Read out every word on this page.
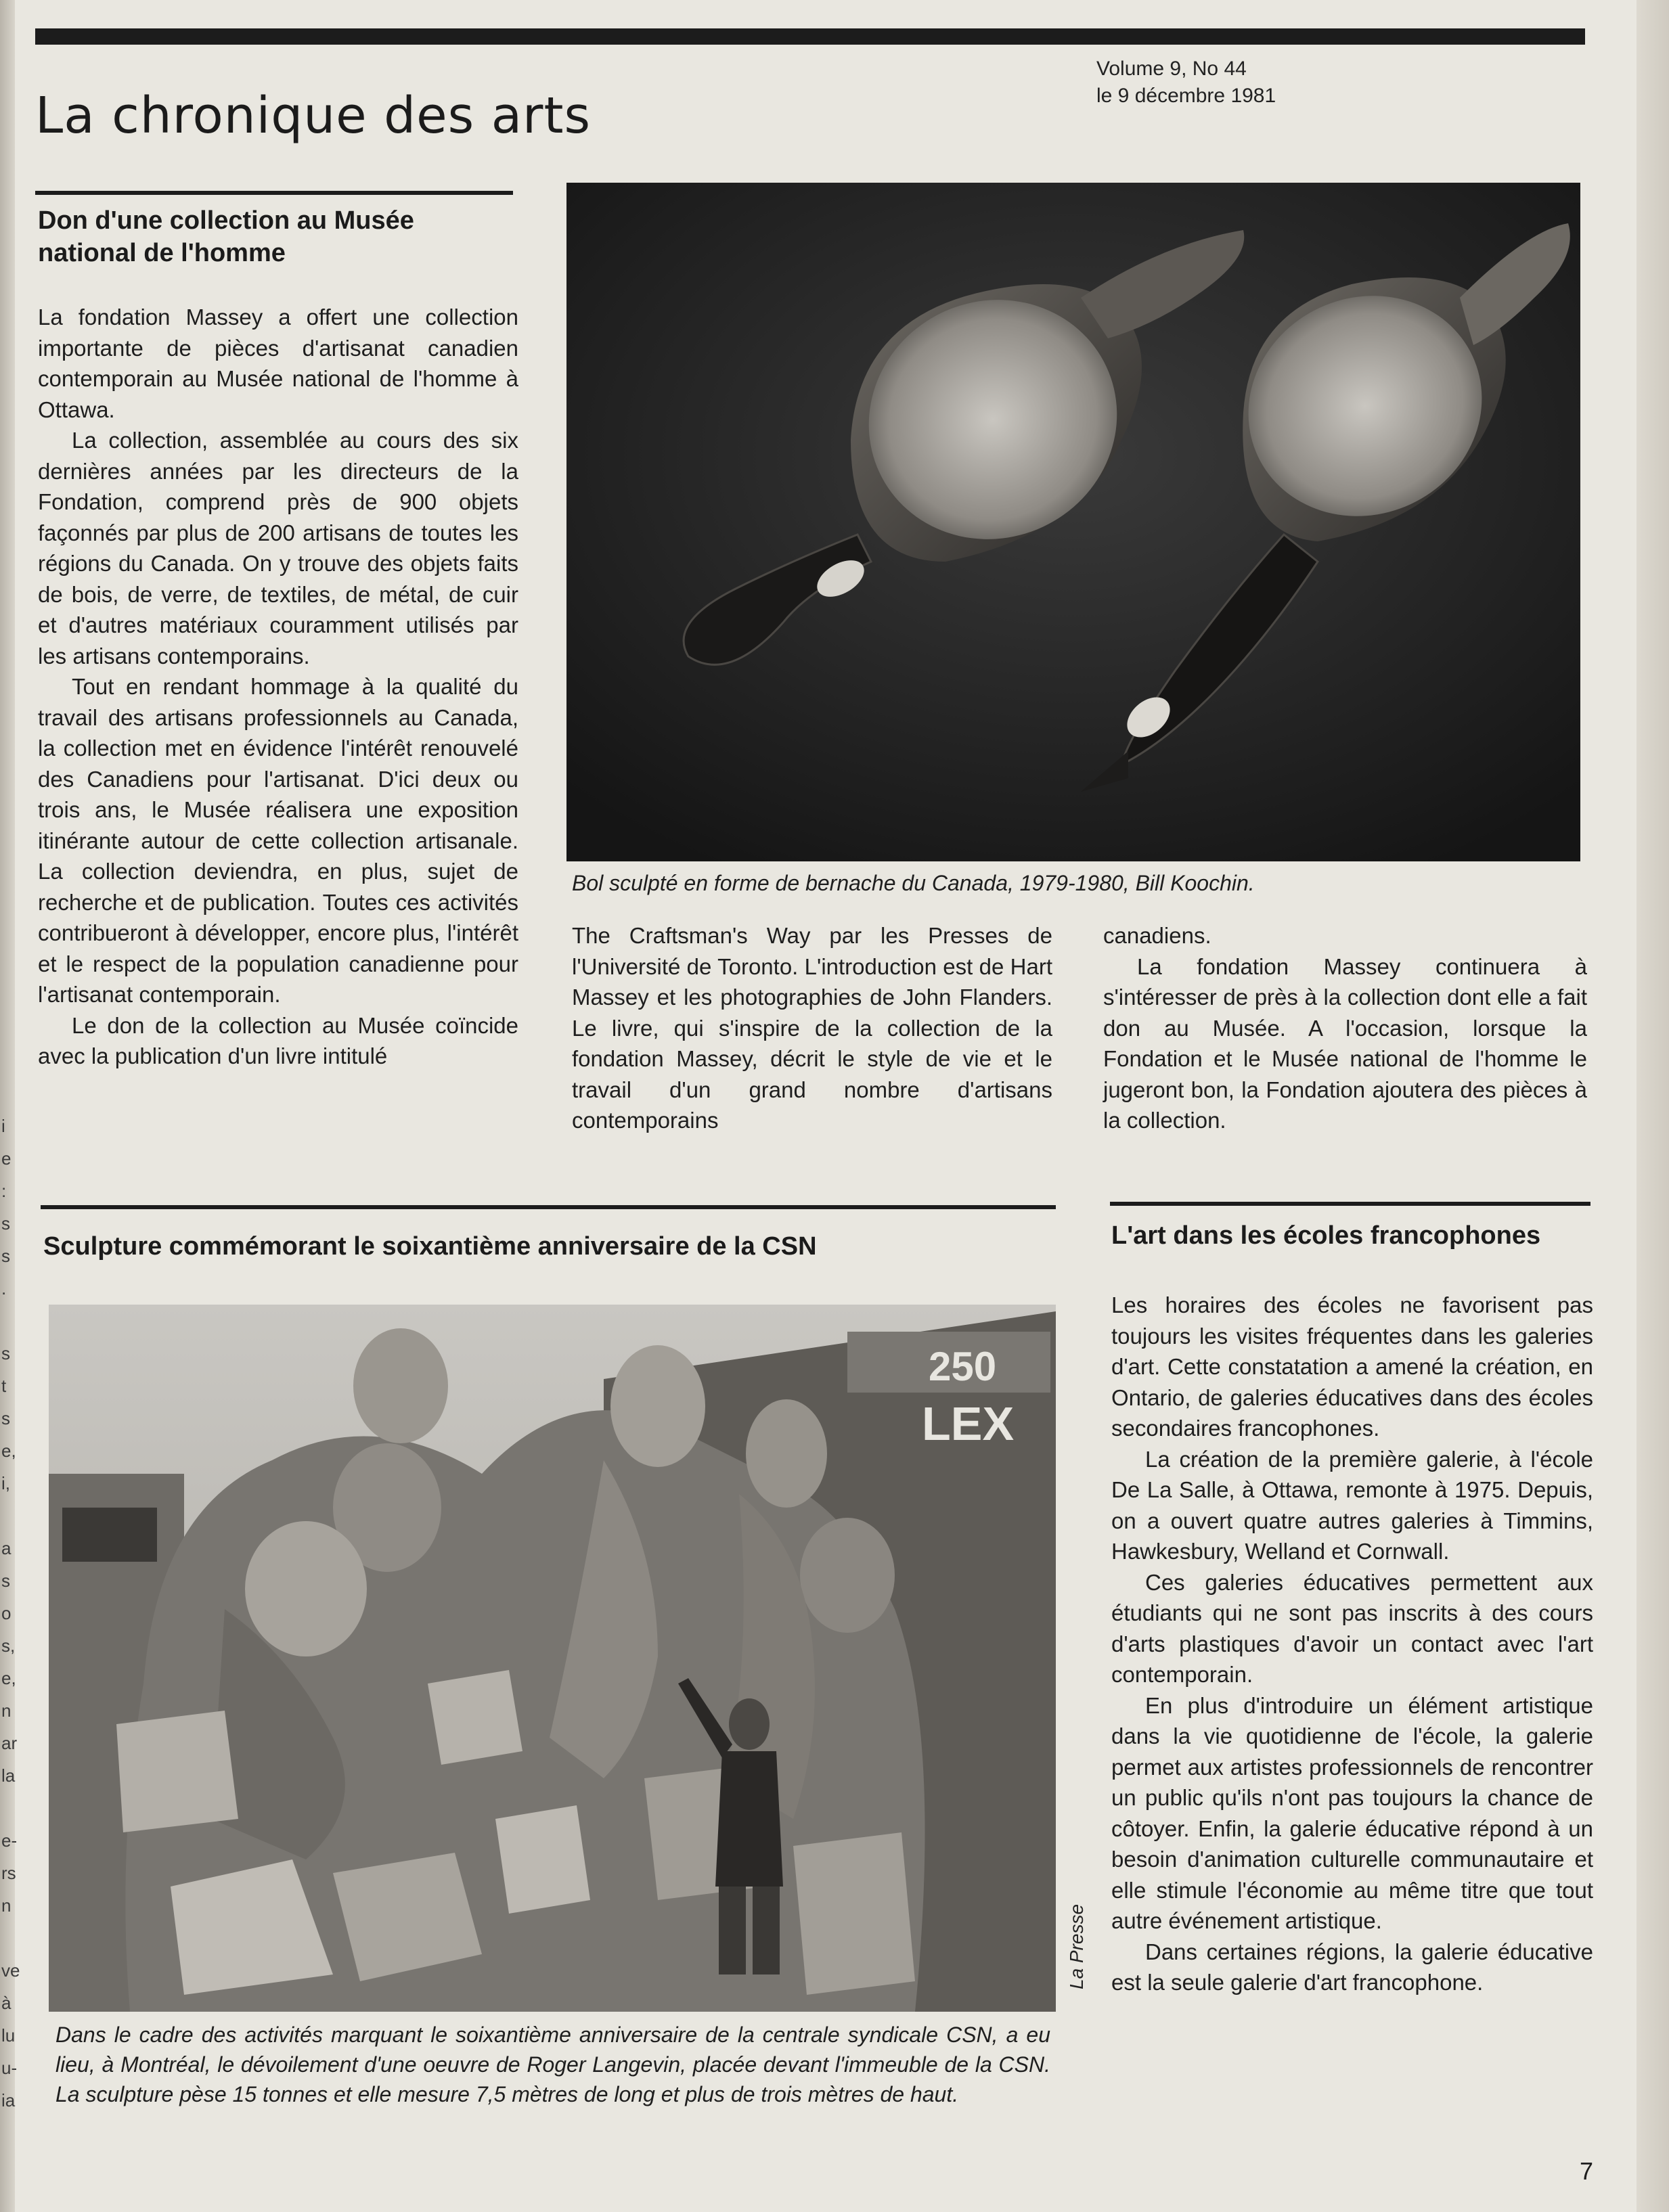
i
e
:
s
s
.

s
t
s
e,
i,

a
s
o
s,
e,
n
ar
la

e-
rs
n

ve
à
lu
u-
ia
La chronique des arts
Volume 9, No 44
le 9 décembre 1981
Don d'une collection au Musée national de l'homme

La fondation Massey a offert une collection importante de pièces d'artisanat canadien contemporain au Musée national de l'homme à Ottawa.

La collection, assemblée au cours des six dernières années par les directeurs de la Fondation, comprend près de 900 objets façonnés par plus de 200 artisans de toutes les régions du Canada. On y trouve des objets faits de bois, de verre, de textiles, de métal, de cuir et d'autres matériaux couramment utilisés par les artisans contemporains.

Tout en rendant hommage à la qualité du travail des artisans professionnels au Canada, la collection met en évidence l'intérêt renouvelé des Canadiens pour l'artisanat. D'ici deux ou trois ans, le Musée réalisera une exposition itinérante autour de cette collection artisanale. La collection deviendra, en plus, sujet de recherche et de publication. Toutes ces activités contribueront à développer, encore plus, l'intérêt et le respect de la population canadienne pour l'artisanat contemporain.

Le don de la collection au Musée coïncide avec la publication d'un livre intitulé

Bol sculpté en forme de bernache du Canada, 1979-1980, Bill Koochin.

The Craftsman's Way par les Presses de l'Université de Toronto. L'introduction est de Hart Massey et les photographies de John Flanders. Le livre, qui s'inspire de la collection de la fondation Massey, décrit le style de vie et le travail d'un grand nombre d'artisans contemporains

canadiens.

La fondation Massey continuera à s'intéresser de près à la collection dont elle a fait don au Musée. A l'occasion, lorsque la Fondation et le Musée national de l'homme le jugeront bon, la Fondation ajoutera des pièces à la collection.

Sculpture commémorant le soixantième anniversaire de la CSN
250
LEX
La Presse
Dans le cadre des activités marquant le soixantième anniversaire de la centrale syndicale CSN, a eu lieu, à Montréal, le dévoilement d'une oeuvre de Roger Langevin, placée devant l'immeuble de la CSN. La sculpture pèse 15 tonnes et elle mesure 7,5 mètres de long et plus de trois mètres de haut.
L'art dans les écoles francophones

Les horaires des écoles ne favorisent pas toujours les visites fréquentes dans les galeries d'art. Cette constatation a amené la création, en Ontario, de galeries éducatives dans des écoles secondaires francophones.

La création de la première galerie, à l'école De La Salle, à Ottawa, remonte à 1975. Depuis, on a ouvert quatre autres galeries à Timmins, Hawkesbury, Welland et Cornwall.

Ces galeries éducatives permettent aux étudiants qui ne sont pas inscrits à des cours d'arts plastiques d'avoir un contact avec l'art contemporain.

En plus d'introduire un élément artistique dans la vie quotidienne de l'école, la galerie permet aux artistes professionnels de rencontrer un public qu'ils n'ont pas toujours la chance de côtoyer. Enfin, la galerie éducative répond à un besoin d'animation culturelle communautaire et elle stimule l'économie au même titre que tout autre événement artistique.

Dans certaines régions, la galerie éducative est la seule galerie d'art francophone.

7
